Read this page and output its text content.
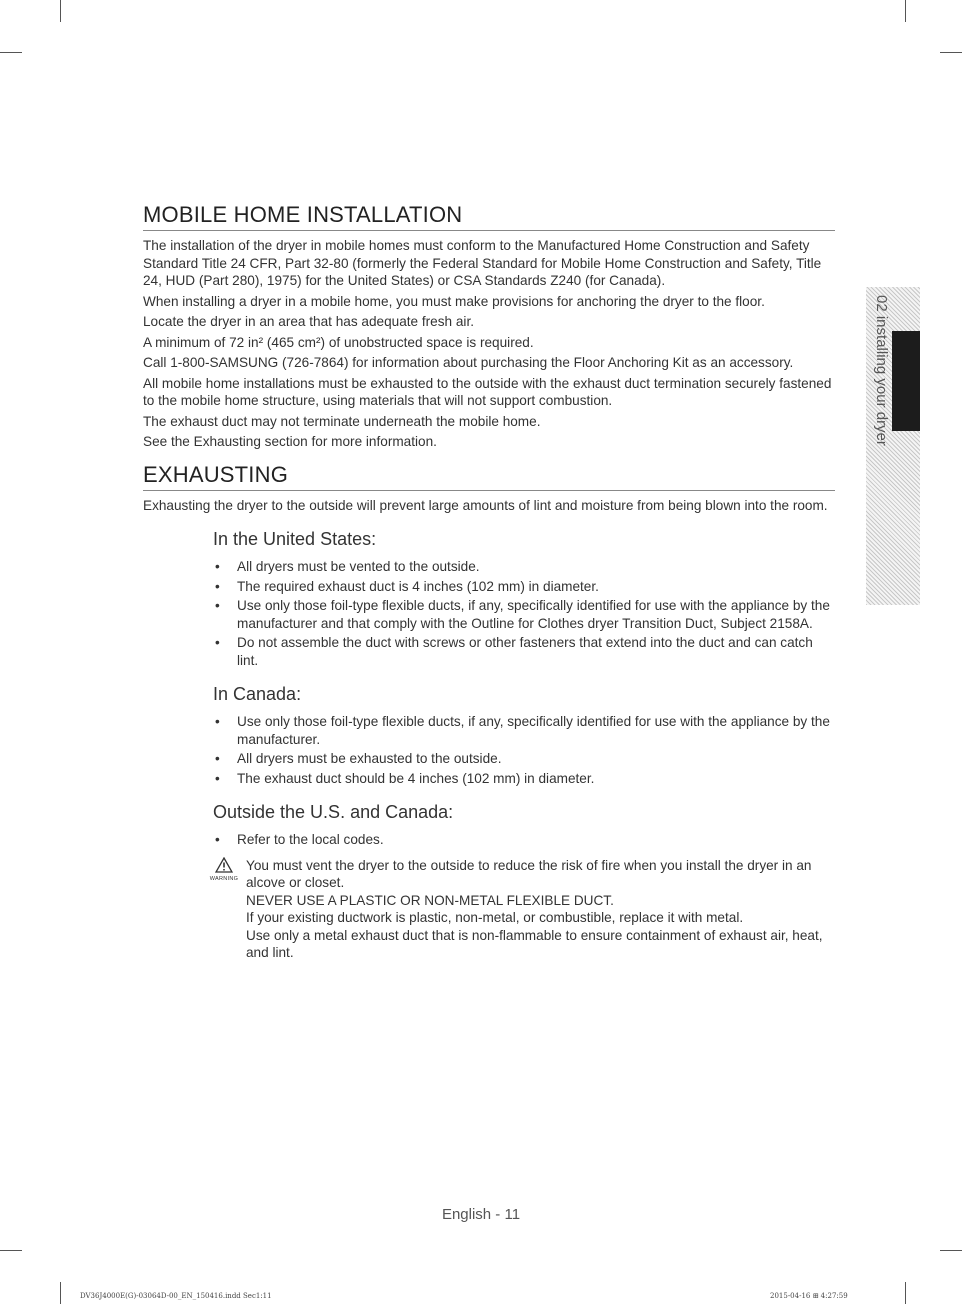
MOBILE HOME INSTALLATION

The installation of the dryer in mobile homes must conform to the Manufactured Home Construction and Safety Standard Title 24 CFR, Part 32-80 (formerly the Federal Standard for Mobile Home Construction and Safety, Title 24, HUD (Part 280), 1975) for the United States) or CSA Standards Z240 (for Canada).

When installing a dryer in a mobile home, you must make provisions for anchoring the dryer to the floor.

Locate the dryer in an area that has adequate fresh air.

A minimum of 72 in² (465 cm²) of unobstructed space is required.

Call 1-800-SAMSUNG (726-7864) for information about purchasing the Floor Anchoring Kit as an accessory.

All mobile home installations must be exhausted to the outside with the exhaust duct termination securely fastened to the mobile home structure, using materials that will not support combustion.

The exhaust duct may not terminate underneath the mobile home.

See the Exhausting section for more information.

EXHAUSTING

Exhausting the dryer to the outside will prevent large amounts of lint and moisture from being blown into the room.

In the United States:
• All dryers must be vented to the outside.
• The required exhaust duct is 4 inches (102 mm) in diameter.
• Use only those foil-type flexible ducts, if any, specifically identified for use with the appliance by the manufacturer and that comply with the Outline for Clothes dryer Transition Duct, Subject 2158A.
• Do not assemble the duct with screws or other fasteners that extend into the duct and can catch lint.
In Canada:
• Use only those foil-type flexible ducts, if any, specifically identified for use with the appliance by the manufacturer.
• All dryers must be exhausted to the outside.
• The exhaust duct should be 4 inches (102 mm) in diameter.
Outside the U.S. and Canada:
• Refer to the local codes.
WARNING

You must vent the dryer to the outside to reduce the risk of fire when you install the dryer in an alcove or closet.

NEVER USE A PLASTIC OR NON-METAL FLEXIBLE DUCT.

If your existing ductwork is plastic, non-metal, or combustible, replace it with metal.

Use only a metal exhaust duct that is non-flammable to ensure containment of exhaust air, heat, and lint.

02 installing your dryer
English - 11
DV36J4000E(G)-03064D-00_EN_150416.indd Sec1:11	2015-04-16 ⊞ 4:27:59
